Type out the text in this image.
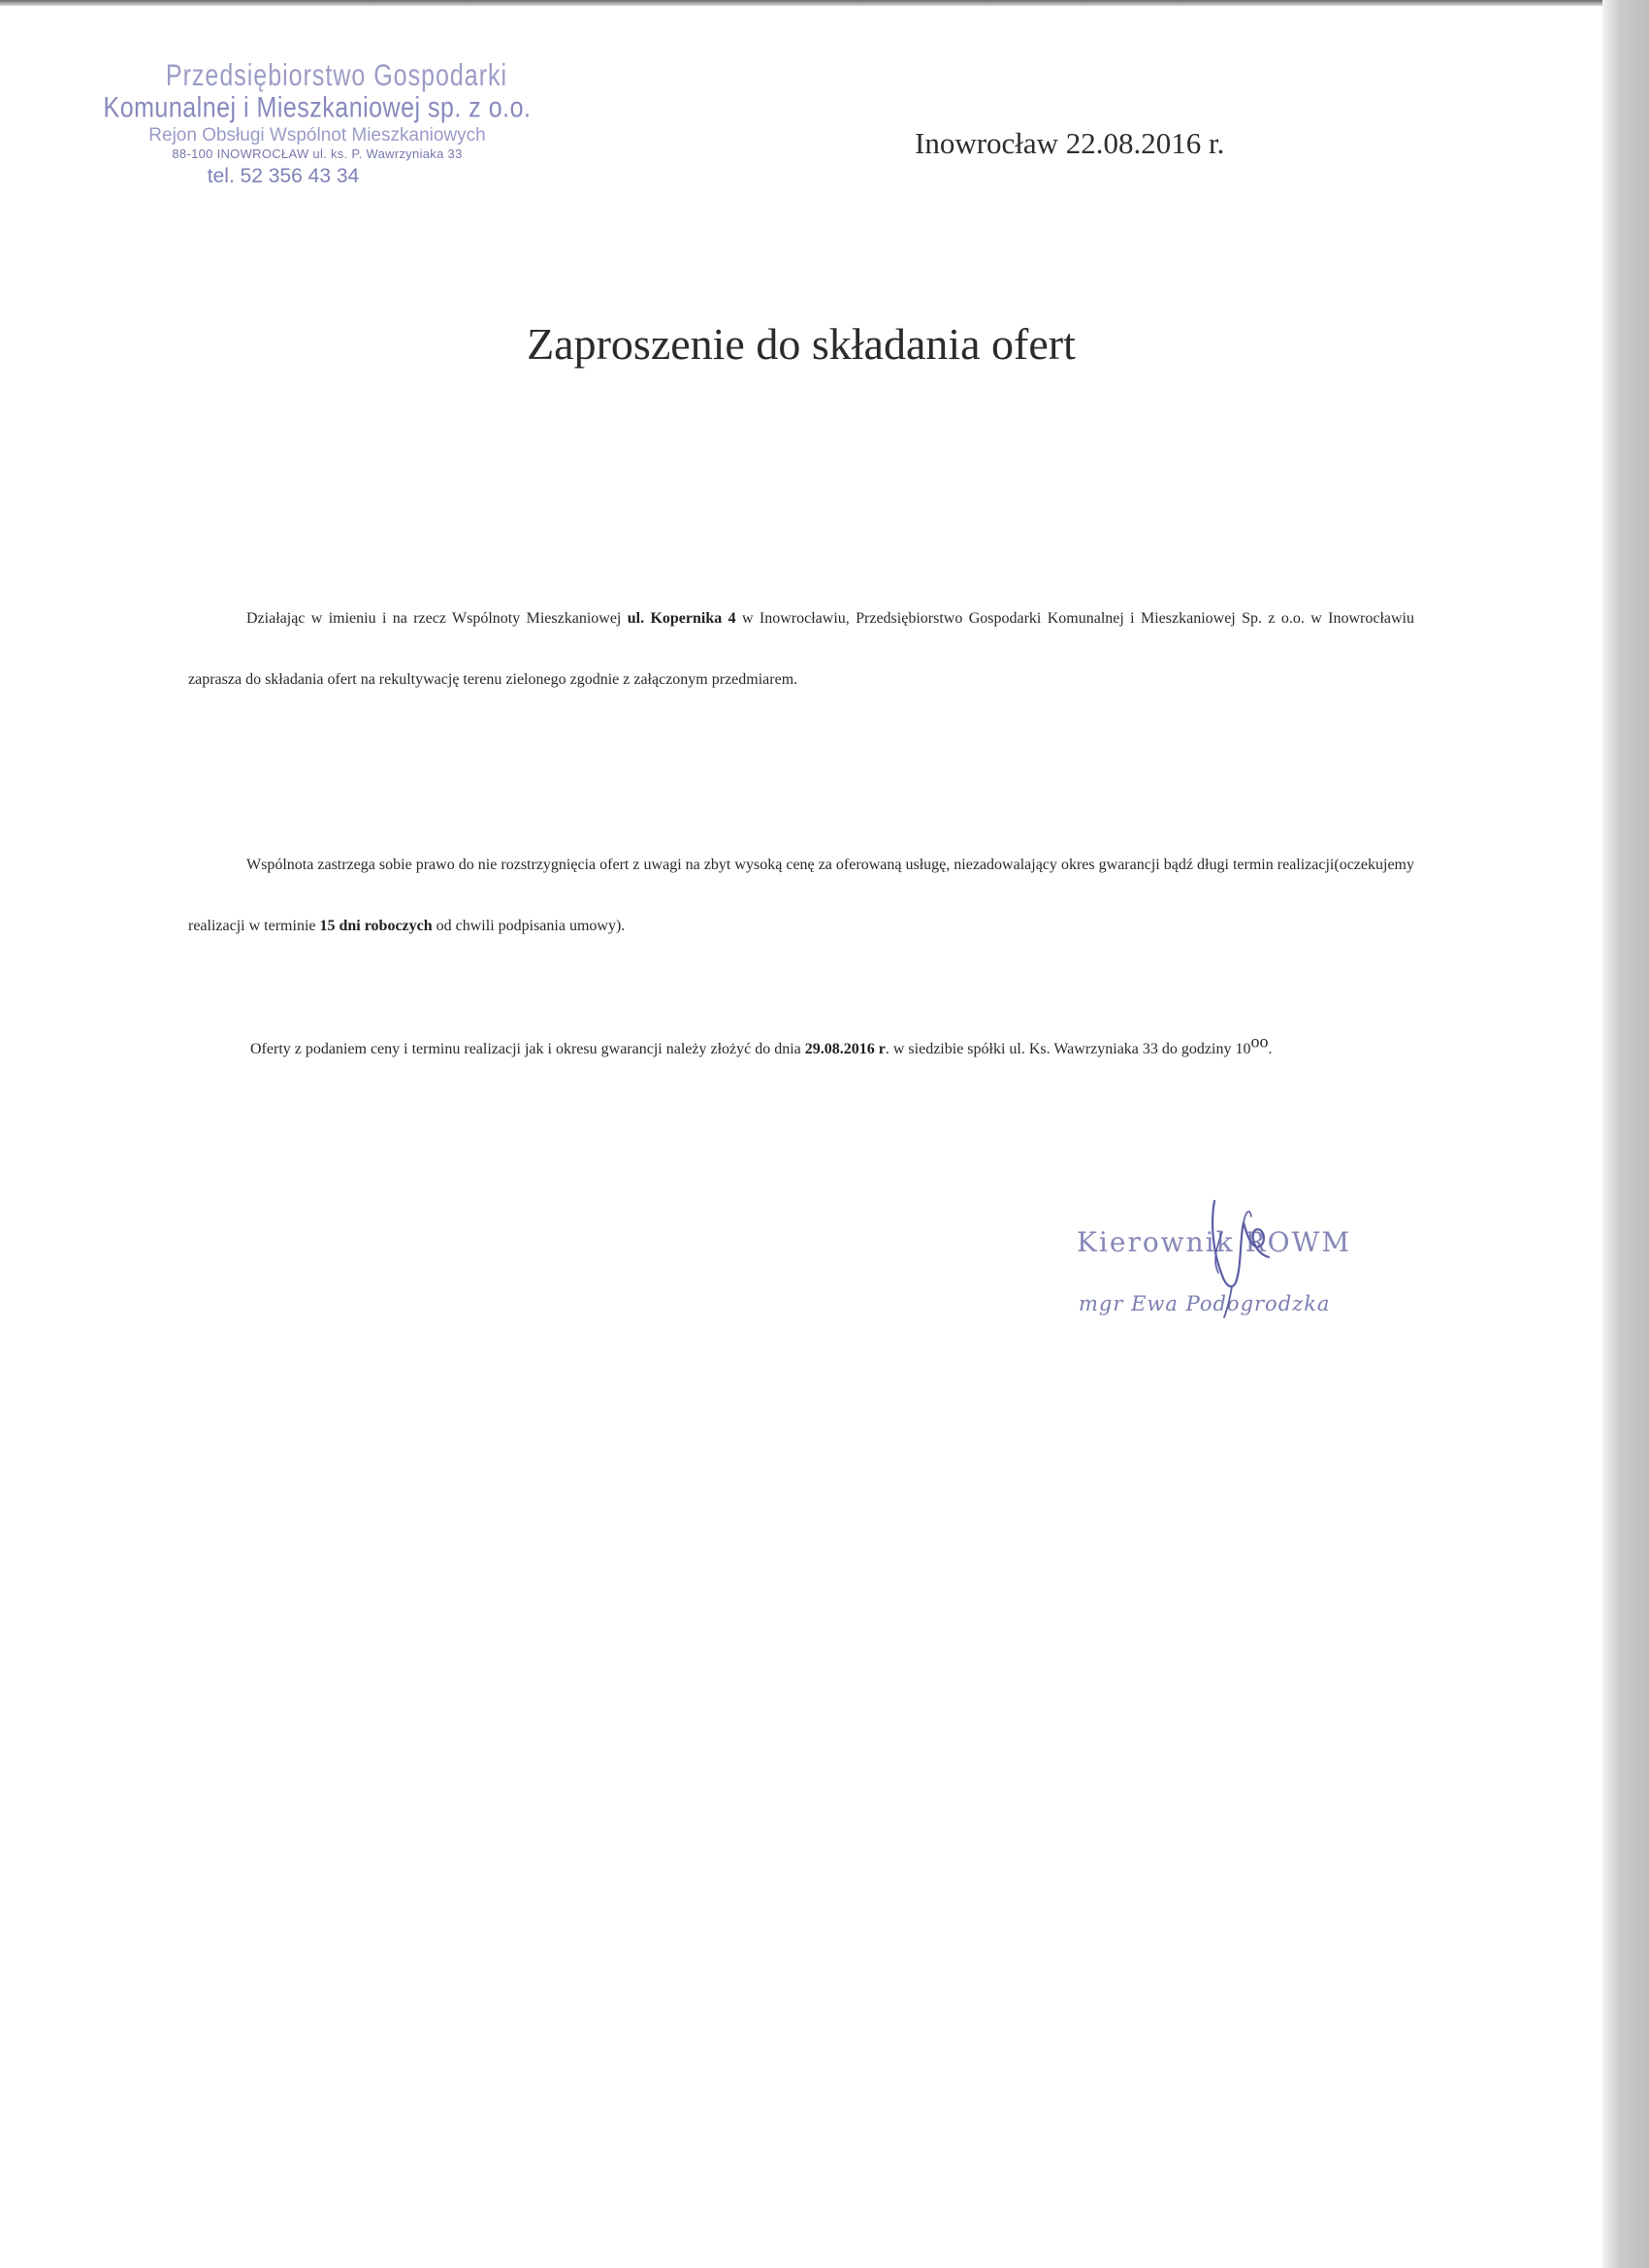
Przedsiębiorstwo Gospodarki
Komunalnej i Mieszkaniowej sp. z o.o.
Rejon Obsługi Wspólnot Mieszkaniowych
88-100 INOWROCŁAW ul. ks. P. Wawrzyniaka 33
tel. 52 356 43 34
Inowrocław 22.08.2016 r.
Zaproszenie do składania ofert

Działając w imieniu i na rzecz Wspólnoty Mieszkaniowej ul. Kopernika 4 w Inowrocławiu, Przedsiębiorstwo Gospodarki Komunalnej i Mieszkaniowej Sp. z o.o. w Inowrocławiu zaprasza do składania ofert na rekultywację terenu zielonego zgodnie z załączonym przedmiarem.

Wspólnota zastrzega sobie prawo do nie rozstrzygnięcia ofert z uwagi na zbyt wysoką cenę za oferowaną usługę, niezadowalający okres gwarancji bądź długi termin realizacji(oczekujemy realizacji w terminie 15 dni roboczych od chwili podpisania umowy).

Oferty z podaniem ceny i terminu realizacji jak i okresu gwarancji należy złożyć do dnia 29.08.2016 r. w siedzibie spółki ul. Ks. Wawrzyniaka 33 do godziny $10^{oo}$.

Kierownik ROWM
mgr Ewa Podogrodzka
